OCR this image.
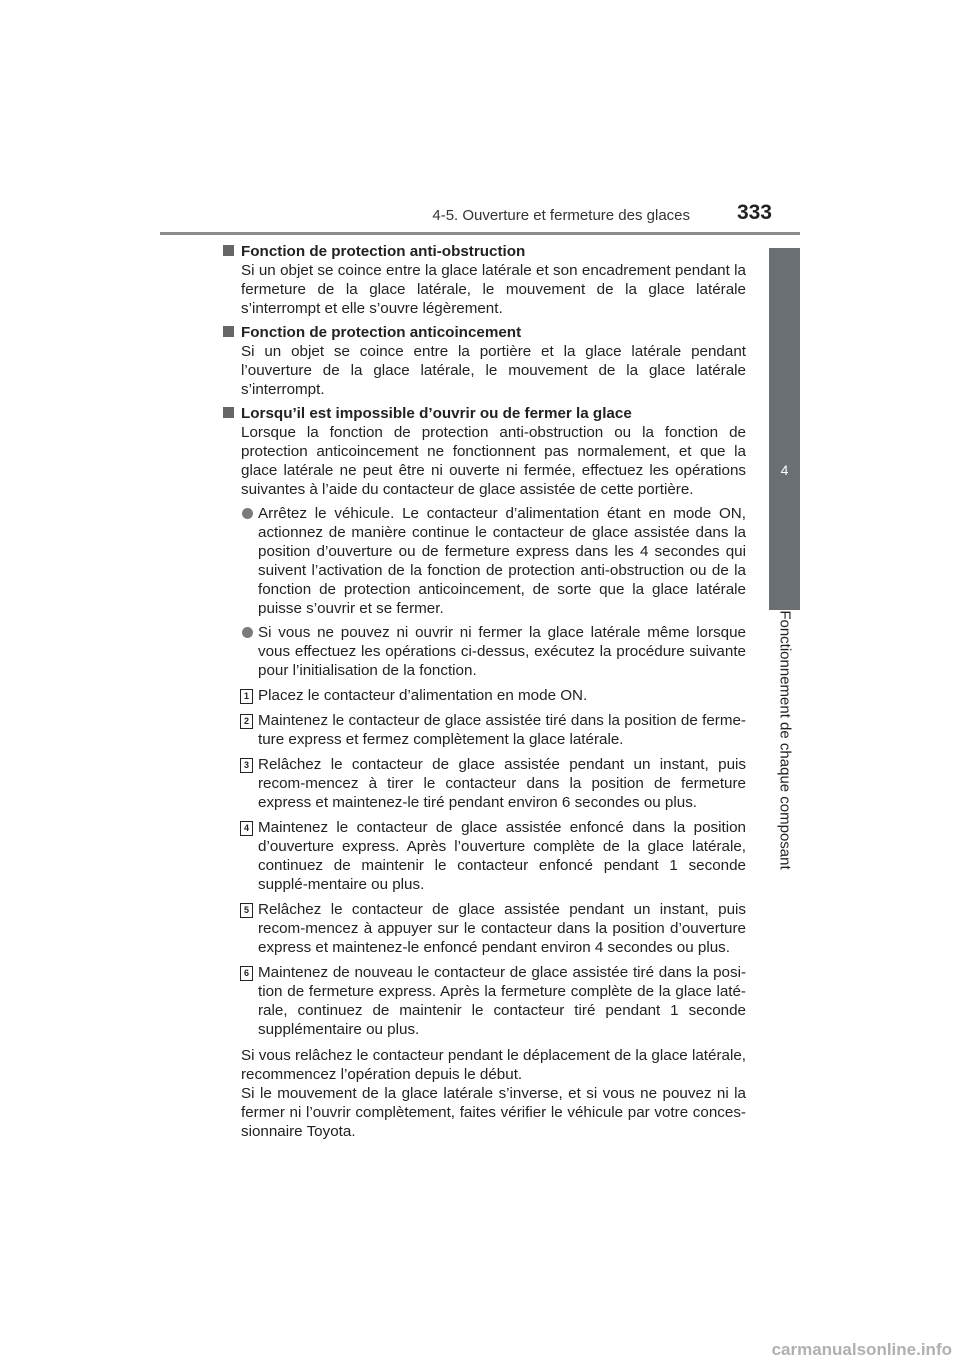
4-5. Ouverture et fermeture des glaces	333
4
Fonctionnement de chaque composant
Fonction de protection anti-obstruction
Si un objet se coince entre la glace latérale et son encadrement pendant la fermeture de la glace latérale, le mouvement de la glace latérale s’interrompt et elle s’ouvre légèrement.
Fonction de protection anticoincement
Si un objet se coince entre la portière et la glace latérale pendant l’ouverture de la glace latérale, le mouvement de la glace latérale s’interrompt.
Lorsqu’il est impossible d’ouvrir ou de fermer la glace
Lorsque la fonction de protection anti-obstruction ou la fonction de protection anticoincement ne fonctionnent pas normalement, et que la glace latérale ne peut être ni ouverte ni fermée, effectuez les opérations suivantes à l’aide du contacteur de glace assistée de cette portière.
Arrêtez le véhicule. Le contacteur d’alimentation étant en mode ON, actionnez de manière continue le contacteur de glace assistée dans la position d’ouverture ou de fermeture express dans les 4 secondes qui suivent l’activation de la fonction de protection anti-obstruction ou de la fonction de protection anticoincement, de sorte que la glace latérale puisse s’ouvrir et se fermer.
Si vous ne pouvez ni ouvrir ni fermer la glace latérale même lorsque vous effectuez les opérations ci-dessus, exécutez la procédure suivante pour l’initialisation de la fonction.
1 Placez le contacteur d’alimentation en mode ON.
2 Maintenez le contacteur de glace assistée tiré dans la position de ferme-ture express et fermez complètement la glace latérale.
3 Relâchez le contacteur de glace assistée pendant un instant, puis recom-mencez à tirer le contacteur dans la position de fermeture express et maintenez-le tiré pendant environ 6 secondes ou plus.
4 Maintenez le contacteur de glace assistée enfoncé dans la position d’ouverture express. Après l’ouverture complète de la glace latérale, continuez de maintenir le contacteur enfoncé pendant 1 seconde supplé-mentaire ou plus.
5 Relâchez le contacteur de glace assistée pendant un instant, puis recom-mencez à appuyer sur le contacteur dans la position d’ouverture express et maintenez-le enfoncé pendant environ 4 secondes ou plus.
6 Maintenez de nouveau le contacteur de glace assistée tiré dans la posi-tion de fermeture express. Après la fermeture complète de la glace laté-rale, continuez de maintenir le contacteur tiré pendant 1 seconde supplémentaire ou plus.
Si vous relâchez le contacteur pendant le déplacement de la glace latérale, recommencez l’opération depuis le début.
Si le mouvement de la glace latérale s’inverse, et si vous ne pouvez ni la fermer ni l’ouvrir complètement, faites vérifier le véhicule par votre conces-sionnaire Toyota.
carmanualsonline.info
